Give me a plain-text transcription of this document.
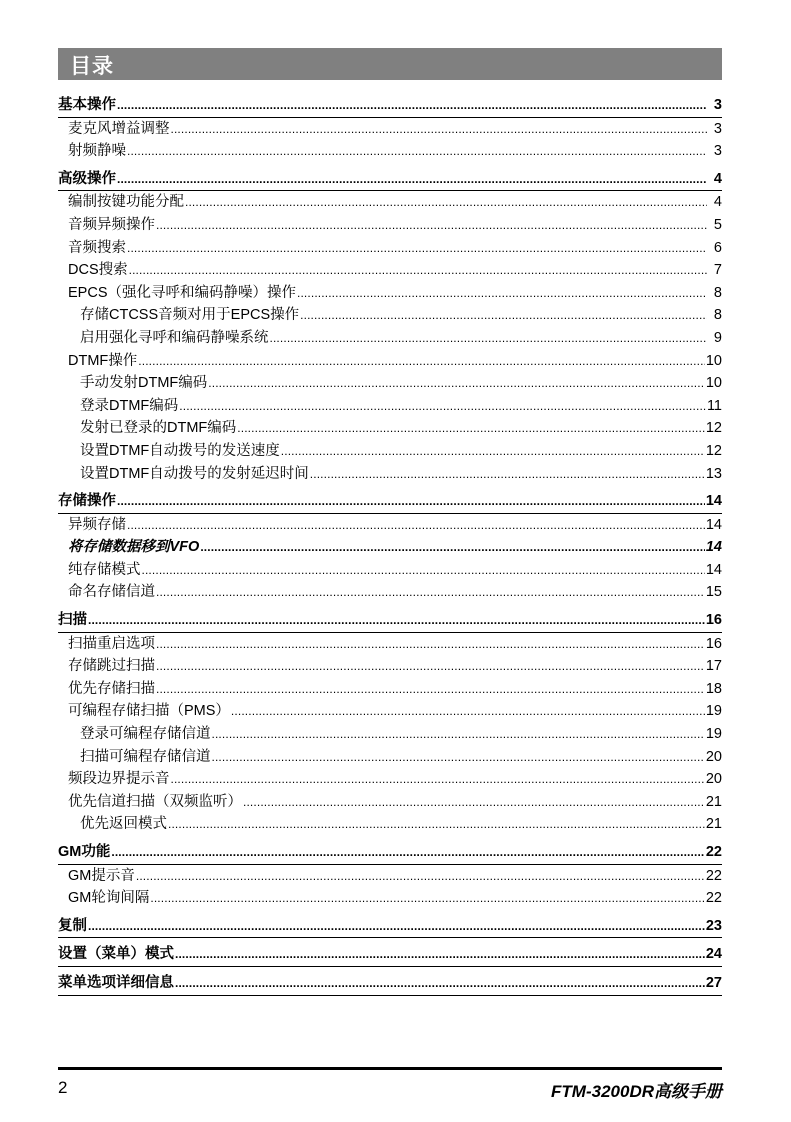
目录
基本操作 . . .	3
麦克风增益调整 . . .	3
射频静噪 . . .	3
高级操作 . . .	4
编制按键功能分配 . . .	4
音频异频操作 . . .	5
音频搜索 . . .	6
DCS搜索 . . .	7
EPCS（强化寻呼和编码静噪）操作 . . .	8
存储CTCSS音频对用于EPCS操作 . . .	8
启用强化寻呼和编码静噪系统 . . .	9
DTMF操作 . . .	10
手动发射DTMF编码 . . .	10
登录DTMF编码 . . .	11
发射已登录的DTMF编码 . . .	12
设置DTMF自动拨号的发送速度 . . .	12
设置DTMF自动拨号的发射延迟时间 . . .	13
存储操作 . . .	14
异频存储 . . .	14
将存储数据移到VFO . . .	14
纯存储模式 . . .	14
命名存储信道 . . .	15
扫描 . . .	16
扫描重启选项 . . .	16
存储跳过扫描 . . .	17
优先存储扫描 . . .	18
可编程存储扫描（PMS） . . .	19
登录可编程存储信道 . . .	19
扫描可编程存储信道 . . .	20
频段边界提示音 . . .	20
优先信道扫描（双频监听） . . .	21
优先返回模式 . . .	21
GM功能 . . .	22
GM提示音 . . .	22
GM轮询间隔 . . .	22
复制 . . .	23
设置（菜单）模式 . . .	24
菜单选项详细信息 . . .	27
2	FTM-3200DR高级手册
